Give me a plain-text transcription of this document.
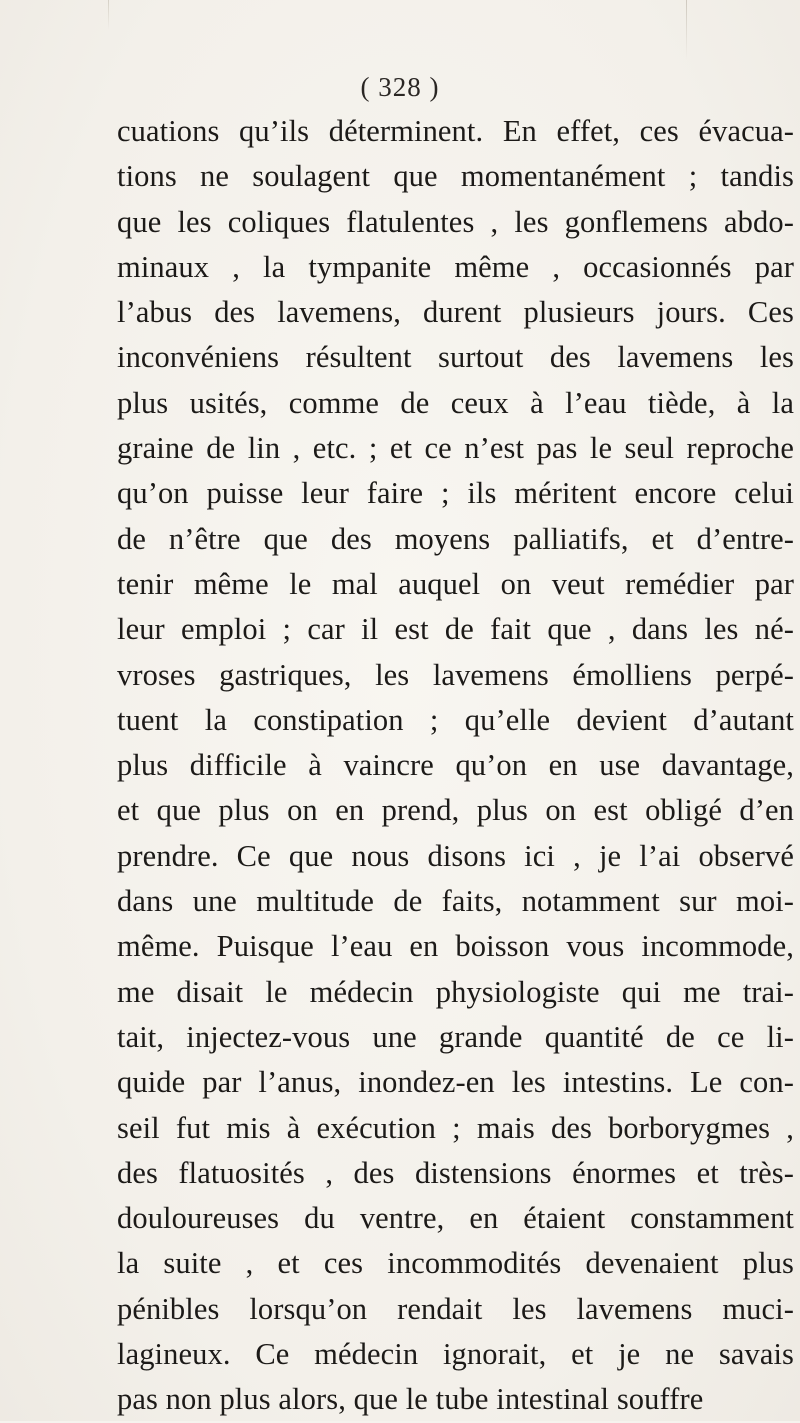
( 328 )
cuations qu’ils déterminent. En effet, ces évacua-
tions ne soulagent que momentanément ; tandis
que les coliques flatulentes , les gonflemens abdo-
minaux , la tympanite même , occasionnés par
l’abus des lavemens, durent plusieurs jours. Ces
inconvéniens résultent surtout des lavemens les
plus usités, comme de ceux à l’eau tiède, à la
graine de lin , etc. ; et ce n’est pas le seul reproche
qu’on puisse leur faire ; ils méritent encore celui
de n’être que des moyens palliatifs, et d’entre-
tenir même le mal auquel on veut remédier par
leur emploi ; car il est de fait que , dans les né-
vroses gastriques, les lavemens émolliens perpé-
tuent la constipation ; qu’elle devient d’autant
plus difficile à vaincre qu’on en use davantage,
et que plus on en prend, plus on est obligé d’en
prendre. Ce que nous disons ici , je l’ai observé
dans une multitude de faits, notamment sur moi-
même. Puisque l’eau en boisson vous incommode,
me disait le médecin physiologiste qui me trai-
tait, injectez-vous une grande quantité de ce li-
quide par l’anus, inondez-en les intestins. Le con-
seil fut mis à exécution ; mais des borborygmes ,
des flatuosités , des distensions énormes et très-
douloureuses du ventre, en étaient constamment
la suite , et ces incommodités devenaient plus
pénibles lorsqu’on rendait les lavemens muci-
lagineux. Ce médecin ignorait, et je ne savais
pas non plus alors, que le tube intestinal souffre
